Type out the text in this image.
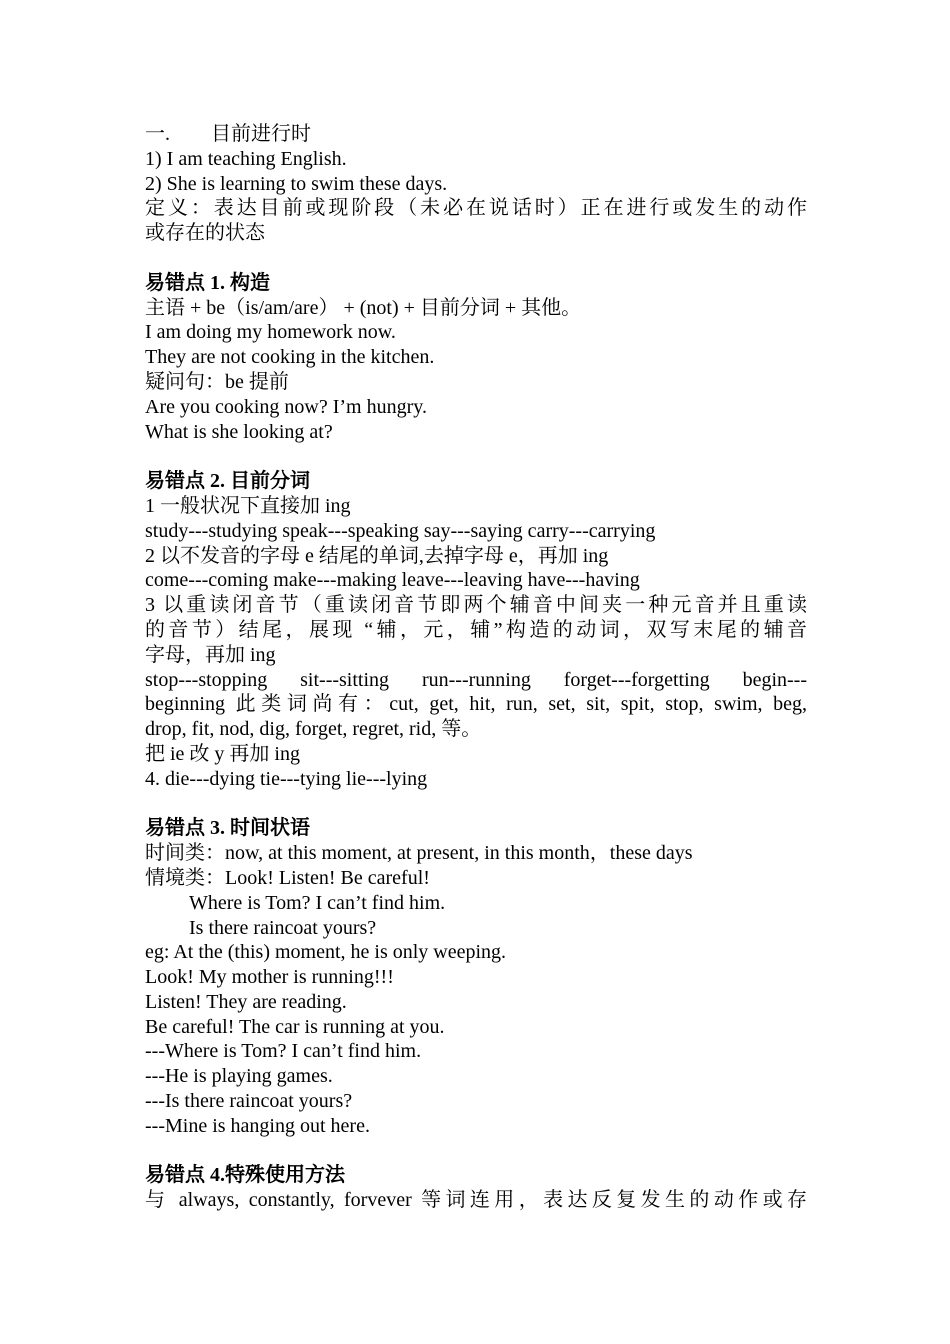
一. 目前进行时
1) I am teaching English.
2) She is learning to swim these days.
定义：表达目前或现阶段（未必在说话时）正在进行或发生的动作
或存在的状态
易错点 1. 构造
主语 + be（is/am/are） + (not) + 目前分词 + 其他。
I am doing my homework now.
They are not cooking in the kitchen.
疑问句：be 提前
Are you cooking now? I’m hungry.
What is she looking at?
易错点 2. 目前分词
1 一般状况下直接加 ing
study---studying speak---speaking say---saying carry---carrying
2 以不发音的字母 e 结尾的单词,去掉字母 e，再加 ing
come---coming make---making leave---leaving have---having
3 以重读闭音节（重读闭音节即两个辅音中间夹一种元音并且重读
的音节）结尾，展现 “辅，元，辅”构造的动词，双写末尾的辅音
字母，再加 ing
stop---stopping sit---sitting run---running forget---forgetting begin---
beginning 此类词尚有：cut, get, hit, run, set, sit, spit, stop, swim, beg,
drop, fit, nod, dig, forget, regret, rid, 等。
把 ie 改 y 再加 ing
4. die---dying tie---tying lie---lying
易错点 3. 时间状语
时间类：now, at this moment, at present, in this month，these days
情境类：Look! Listen! Be careful!
Where is Tom? I can’t find him.
Is there raincoat yours?
eg: At the (this) moment, he is only weeping.
Look! My mother is running!!!
Listen! They are reading.
Be careful! The car is running at you.
---Where is Tom? I can’t find him.
---He is playing games.
---Is there raincoat yours?
---Mine is hanging out here.
易错点 4.特殊使用方法
与 always, constantly, forvever 等词连用，表达反复发生的动作或存
